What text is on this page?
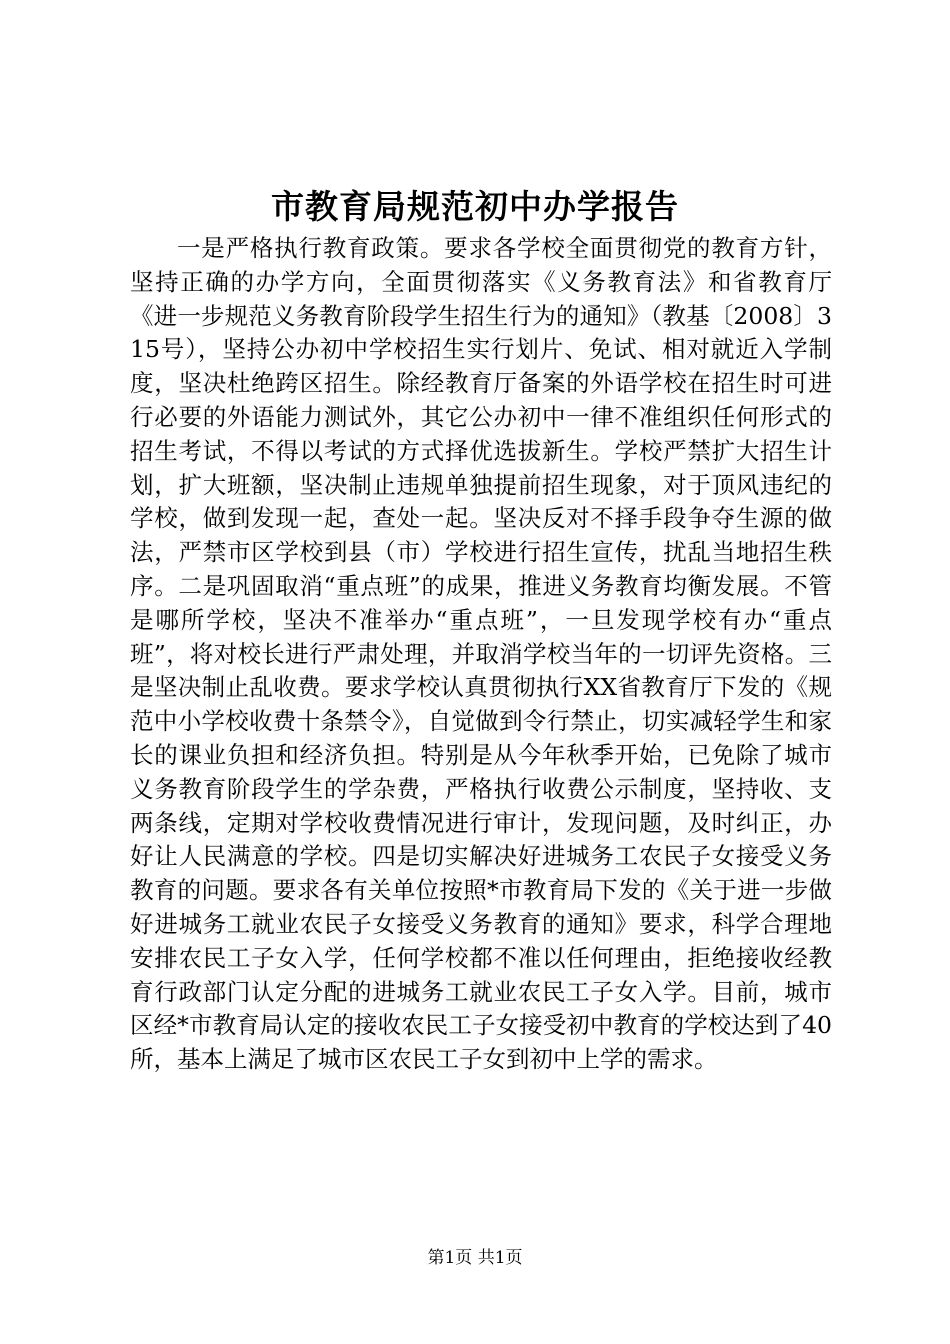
市教育局规范初中办学报告

一是严格执行教育政策。要求各学校全面贯彻党的教育方针，坚持正确的办学方向，全面贯彻落实《义务教育法》和省教育厅《进一步规范义务教育阶段学生招生行为的通知》（教基〔2008〕315号），坚持公办初中学校招生实行划片、免试、相对就近入学制度，坚决杜绝跨区招生。除经教育厅备案的外语学校在招生时可进行必要的外语能力测试外，其它公办初中一律不准组织任何形式的招生考试，不得以考试的方式择优选拔新生。学校严禁扩大招生计划，扩大班额，坚决制止违规单独提前招生现象，对于顶风违纪的学校，做到发现一起，查处一起。坚决反对不择手段争夺生源的做法，严禁市区学校到县（市）学校进行招生宣传，扰乱当地招生秩序。二是巩固取消“重点班”的成果，推进义务教育均衡发展。不管是哪所学校，坚决不准举办“重点班”，一旦发现学校有办“重点班”，将对校长进行严肃处理，并取消学校当年的一切评先资格。三是坚决制止乱收费。要求学校认真贯彻执行XX省教育厅下发的《规范中小学校收费十条禁令》，自觉做到令行禁止，切实减轻学生和家长的课业负担和经济负担。特别是从今年秋季开始，已免除了城市义务教育阶段学生的学杂费，严格执行收费公示制度，坚持收、支两条线，定期对学校收费情况进行审计，发现问题，及时纠正，办好让人民满意的学校。四是切实解决好进城务工农民子女接受义务教育的问题。要求各有关单位按照*市教育局下发的《关于进一步做好进城务工就业农民子女接受义务教育的通知》要求，科学合理地安排农民工子女入学，任何学校都不准以任何理由，拒绝接收经教育行政部门认定分配的进城务工就业农民工子女入学。目前，城市区经*市教育局认定的接收农民工子女接受初中教育的学校达到了40所，基本上满足了城市区农民工子女到初中上学的需求。

第1页 共1页
